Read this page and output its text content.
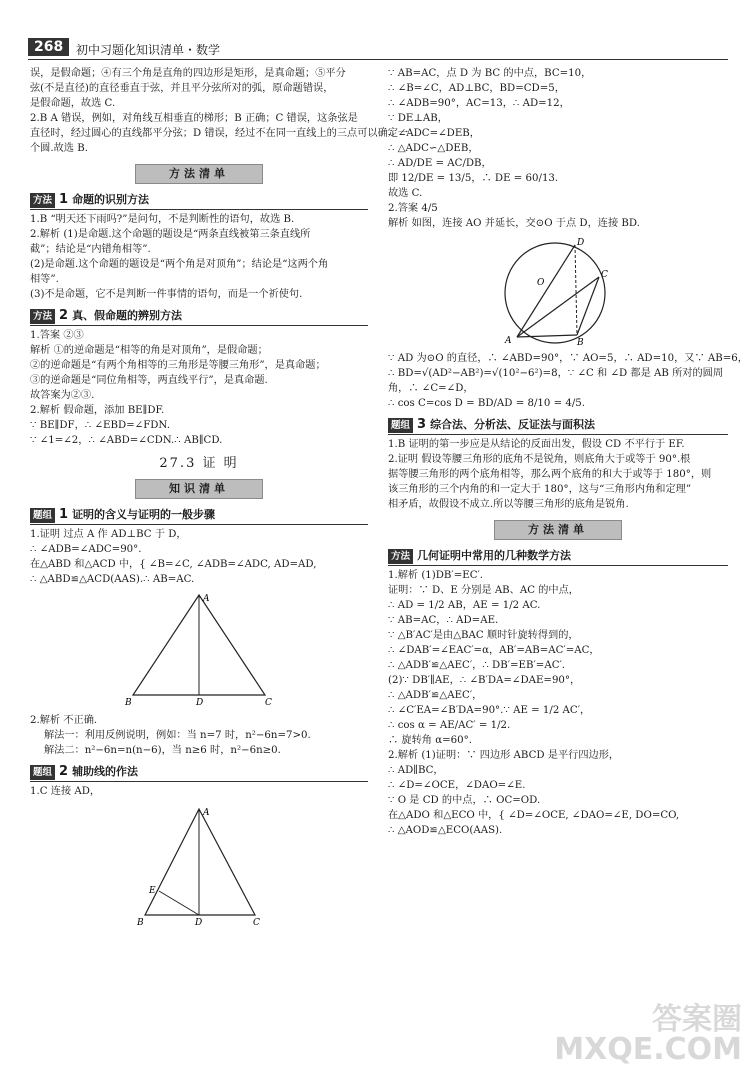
268	初中习题化知识清单・数学

误，是假命题；④有三个角是直角的四边形是矩形，是真命题；⑤平分

弦(不是直径)的直径垂直于弦，并且平分弦所对的弧，原命题错误，

是假命题，故选 C.

2.B A 错误，例如，对角线互相垂直的梯形；B 正确；C 错误，这条弦是

直径时，经过圆心的直线都平分弦；D 错误，经过不在同一直线上的三点可以确定一

个圆.故选 B.

方法清单
方法 1 命题的识别方法

1.B “明天还下雨吗?”是问句，不是判断性的语句，故选 B.

2.解析 (1)是命题.这个命题的题设是“两条直线被第三条直线所

截”；结论是“内错角相等”.

(2)是命题.这个命题的题设是“两个角是对顶角”；结论是“这两个角

相等”.

(3)不是命题，它不是判断一件事情的语句，而是一个祈使句.

方法 2 真、假命题的辨别方法

1.答案 ②③

解析 ①的逆命题是“相等的角是对顶角”，是假命题；

②的逆命题是“有两个角相等的三角形是等腰三角形”，是真命题；

③的逆命题是“同位角相等，两直线平行”，是真命题.

故答案为②③.

2.解析 假命题，添加 BE∥DF.

∵ BE∥DF，∴ ∠EBD=∠FDN.

∵ ∠1=∠2，∴ ∠ABD=∠CDN.∴ AB∥CD.

27.3 证 明
知识清单
题组 1 证明的含义与证明的一般步骤

1.证明 过点 A 作 AD⊥BC 于 D，

∴ ∠ADB=∠ADC=90°.

在△ABD 和△ACD 中，{ ∠B=∠C, ∠ADB=∠ADC, AD=AD,

∴ △ABD≌△ACD(AAS).∴ AB=AC.

A
B	D	C

2.解析 不正确.

解法一：利用反例说明，例如：当 n=7 时，n²−6n=7>0.

解法二：n²−6n=n(n−6)，当 n≥6 时，n²−6n≥0.

题组 2 辅助线的作法

1.C 连接 AD，

A
E
B	D	C

∵ AB=AC，点 D 为 BC 的中点，BC=10，

∴ ∠B=∠C，AD⊥BC，BD=CD=5，

∴ ∠ADB=90°，AC=13，∴ AD=12，

∵ DE⊥AB，

∴ ∠ADC=∠DEB，

∴ △ADC∽△DEB，

∴ AD/DE = AC/DB，

即 12/DE = 13/5，∴ DE = 60/13.

故选 C.

2.答案 4/5

解析 如图，连接 AO 并延长，交⊙O 于点 D，连接 BD.

D
O
C
A	B

∵ AD 为⊙O 的直径，∴ ∠ABD=90°，∵ AO=5，∴ AD=10，又∵ AB=6，

∴ BD=√(AD²−AB²)=√(10²−6²)=8，∵ ∠C 和 ∠D 都是 AB 所对的圆周

角，∴ ∠C=∠D，

∴ cos C=cos D = BD/AD = 8/10 = 4/5.

题组 3 综合法、分析法、反证法与面积法

1.B 证明的第一步应是从结论的反面出发，假设 CD 不平行于 EF.

2.证明 假设等腰三角形的底角不是锐角，则底角大于或等于 90°.根

据等腰三角形的两个底角相等，那么两个底角的和大于或等于 180°，则

该三角形的三个内角的和一定大于 180°，这与“三角形内角和定理”

相矛盾，故假设不成立.所以等腰三角形的底角是锐角.

方法清单
方法 几何证明中常用的几种数学方法

1.解析 (1)DB′=EC′.

证明：∵ D、E 分别是 AB、AC 的中点，

∴ AD = 1/2 AB，AE = 1/2 AC.

∵ AB=AC，∴ AD=AE.

∵ △B′AC′是由△BAC 顺时针旋转得到的，

∴ ∠DAB′=∠EAC′=α，AB′=AB=AC′=AC，

∴ △ADB′≌△AEC′，∴ DB′=EB′=AC′.

(2)∵ DB′∥AE，∴ ∠B′DA=∠DAE=90°，

∴ △ADB′≌△AEC′，

∴ ∠C′EA=∠B′DA=90°.∵ AE = 1/2 AC′，

∴ cos α = AE/AC′ = 1/2.

∴ 旋转角 α=60°.

2.解析 (1)证明：∵ 四边形 ABCD 是平行四边形，

∴ AD∥BC，

∴ ∠D=∠OCE，∠DAO=∠E.

∵ O 是 CD 的中点，∴ OC=OD.

在△ADO 和△ECO 中，{ ∠D=∠OCE, ∠DAO=∠E, DO=CO,

∴ △AOD≌△ECO(AAS).

答案圈
MXQE.COM
